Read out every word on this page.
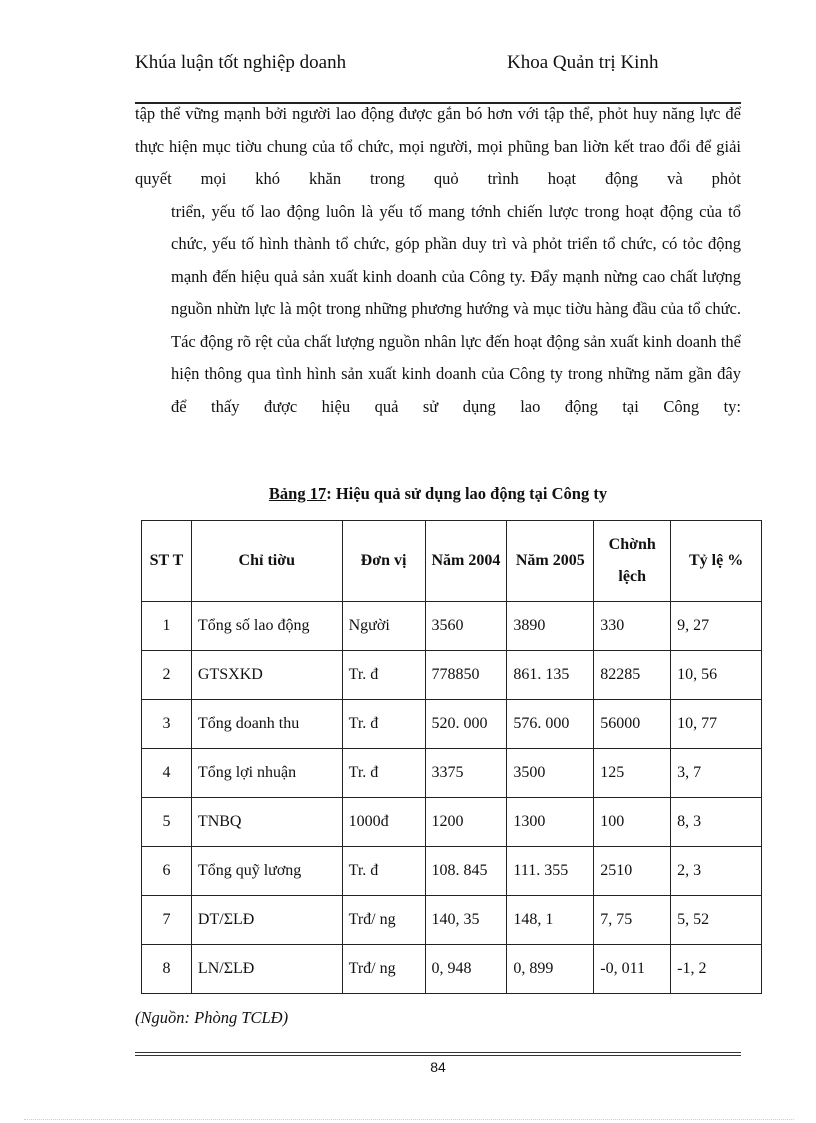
Khúa luận tốt nghiệp doanh	Khoa Quản trị Kinh

tập thể vững mạnh bởi người lao động được gắn bó hơn với tập thể, phỏt huy năng lực để thực hiện mục tiờu chung của tổ chức, mọi người, mọi phũng ban liờn kết trao đổi để giải quyết mọi khó khăn trong quỏ trình hoạt động và phỏt

triển, yếu tố lao động luôn là yếu tố mang tớnh chiến lược trong hoạt động của tổ chức, yếu tố hình thành tổ chức, góp phần duy trì và phỏt triển tổ chức, có tỏc động mạnh đến hiệu quả sản xuất kinh doanh của Công ty. Đẩy mạnh nừng cao chất lượng nguồn nhừn lực là một trong những phương hướng và mục tiờu hàng đầu của tổ chức.

Tác động rõ rệt của chất lượng nguồn nhân lực đến hoạt động sản xuất kinh doanh thể hiện thông qua tình hình sản xuất kinh doanh của Công ty trong những năm gần đây để thấy được hiệu quả sử dụng lao động tại Công ty:

Bảng 17: Hiệu quả sử dụng lao động tại Công ty
ST T	Chỉ tiờu	Đơn vị	Năm 2004	Năm 2005	Chờnh lệch	Tỷ lệ %
1	Tổng số lao động	Người	3560	3890	330	9, 27
2	GTSXKD	Tr. đ	778850	861. 135	82285	10, 56
3	Tổng doanh thu	Tr. đ	520. 000	576. 000	56000	10, 77
4	Tổng lợi nhuận	Tr. đ	3375	3500	125	3, 7
5	TNBQ	1000đ	1200	1300	100	8, 3
6	Tổng quỹ lương	Tr. đ	108. 845	111. 355	2510	2, 3
7	DT/ΣLĐ	Trđ/ ng	140, 35	148, 1	7, 75	5, 52
8	LN/ΣLĐ	Trđ/ ng	0, 948	0, 899	-0, 011	-1, 2
(Nguồn: Phòng TCLĐ)
84
